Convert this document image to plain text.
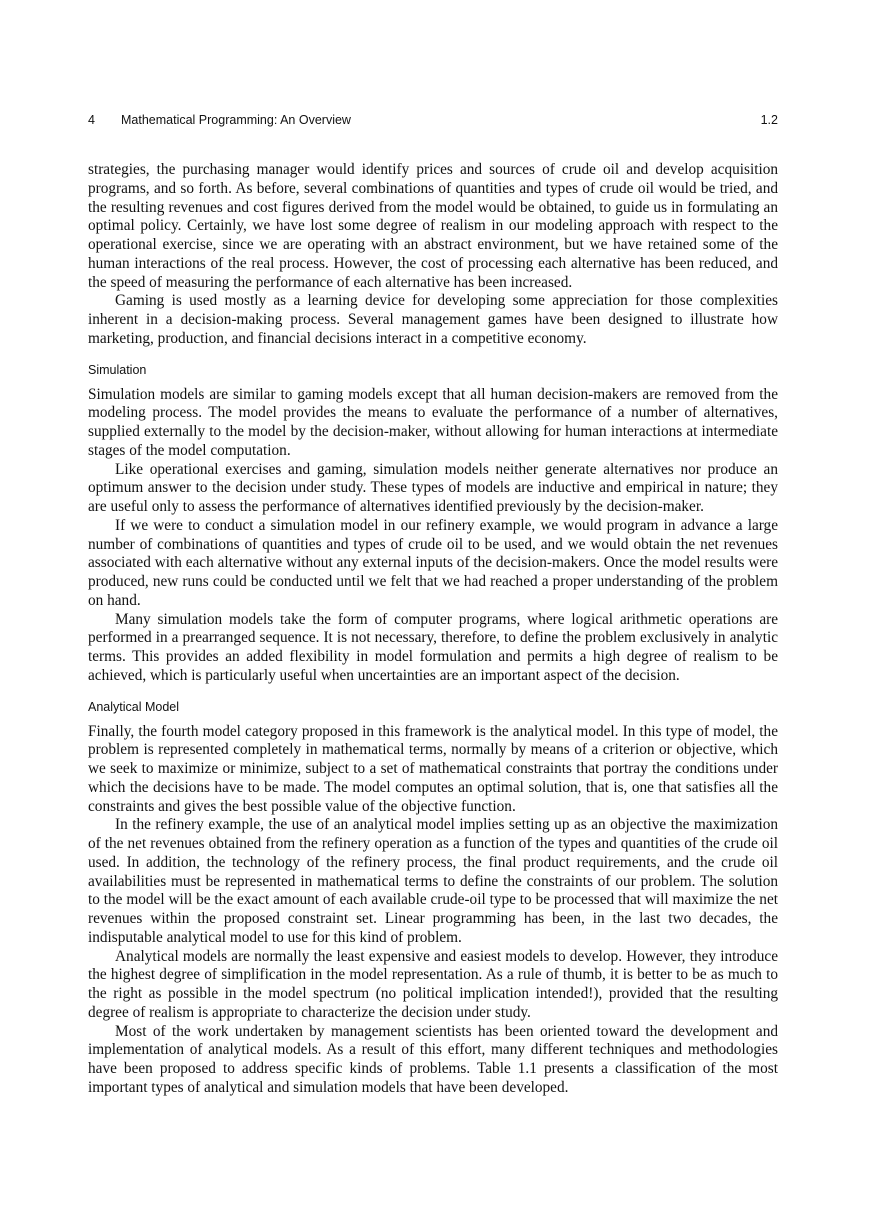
4 Mathematical Programming: An Overview	1.2

strategies, the purchasing manager would identify prices and sources of crude oil and develop acquisition programs, and so forth. As before, several combinations of quantities and types of crude oil would be tried, and the resulting revenues and cost figures derived from the model would be obtained, to guide us in formulating an optimal policy. Certainly, we have lost some degree of realism in our modeling approach with respect to the operational exercise, since we are operating with an abstract environment, but we have retained some of the human interactions of the real process. However, the cost of processing each alternative has been reduced, and the speed of measuring the performance of each alternative has been increased.

Gaming is used mostly as a learning device for developing some appreciation for those complexities inherent in a decision-making process. Several management games have been designed to illustrate how marketing, production, and financial decisions interact in a competitive economy.

Simulation

Simulation models are similar to gaming models except that all human decision-makers are removed from the modeling process. The model provides the means to evaluate the performance of a number of alternatives, supplied externally to the model by the decision-maker, without allowing for human interactions at intermediate stages of the model computation.

Like operational exercises and gaming, simulation models neither generate alternatives nor produce an optimum answer to the decision under study. These types of models are inductive and empirical in nature; they are useful only to assess the performance of alternatives identified previously by the decision-maker.

If we were to conduct a simulation model in our refinery example, we would program in advance a large number of combinations of quantities and types of crude oil to be used, and we would obtain the net revenues associated with each alternative without any external inputs of the decision-makers. Once the model results were produced, new runs could be conducted until we felt that we had reached a proper understanding of the problem on hand.

Many simulation models take the form of computer programs, where logical arithmetic operations are performed in a prearranged sequence. It is not necessary, therefore, to define the problem exclusively in analytic terms. This provides an added flexibility in model formulation and permits a high degree of realism to be achieved, which is particularly useful when uncertainties are an important aspect of the decision.

Analytical Model

Finally, the fourth model category proposed in this framework is the analytical model. In this type of model, the problem is represented completely in mathematical terms, normally by means of a criterion or objective, which we seek to maximize or minimize, subject to a set of mathematical constraints that portray the conditions under which the decisions have to be made. The model computes an optimal solution, that is, one that satisfies all the constraints and gives the best possible value of the objective function.

In the refinery example, the use of an analytical model implies setting up as an objective the maximization of the net revenues obtained from the refinery operation as a function of the types and quantities of the crude oil used. In addition, the technology of the refinery process, the final product requirements, and the crude oil availabilities must be represented in mathematical terms to define the constraints of our problem. The solution to the model will be the exact amount of each available crude-oil type to be processed that will maximize the net revenues within the proposed constraint set. Linear programming has been, in the last two decades, the indisputable analytical model to use for this kind of problem.

Analytical models are normally the least expensive and easiest models to develop. However, they introduce the highest degree of simplification in the model representation. As a rule of thumb, it is better to be as much to the right as possible in the model spectrum (no political implication intended!), provided that the resulting degree of realism is appropriate to characterize the decision under study.

Most of the work undertaken by management scientists has been oriented toward the development and implementation of analytical models. As a result of this effort, many different techniques and methodologies have been proposed to address specific kinds of problems. Table 1.1 presents a classification of the most important types of analytical and simulation models that have been developed.
